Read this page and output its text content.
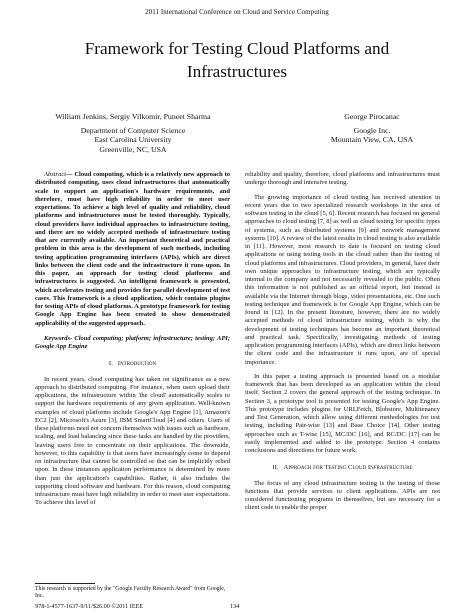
2011 International Conference on Cloud and Service Computing
Framework for Testing Cloud Platforms and
Infrastructures
William Jenkins, Sergiy Vilkomir, Puneet Sharma
Department of Computer Science
East Carolina University
Greenville, NC, USA
George Pirocanac
Google Inc.
Mountain View, CA, USA

Abstract— Cloud computing, which is a relatively new approach to distributed computing, uses cloud infrastructures that automatically scale to support an application's hardware requirements, and therefore, must have high reliability in order to meet user expectations. To achieve a high level of quality and reliability, cloud platforms and infrastructures must be tested thoroughly. Typically, cloud providers have individual approaches to infrastructure testing, and there are no widely accepted methods of infrastructure testing that are currently available. An important theoretical and practical problem in this area is the development of such methods, including testing application programming interfaces (APIs), which are direct links between the client code and the infrastructure it runs upon. In this paper, an approach for testing cloud platforms and infrastructures is suggested. An intelligent framework is presented, which accelerates testing and provides for parallel development of test cases. This framework is a cloud application, which contains plugins for testing APIs of cloud platforms. A prototype framework for testing Google App Engine has been created to show demonstrated applicability of the suggested approach.

Keywords- Cloud computing; platform; infrastructure; testing; API; Google App Engine

I. Introduction

In recent years, cloud computing has taken on significance as a new approach to distributed computing. For instance, when users upload their applications, the infrastructure within 'the cloud' automatically scales to support the hardware requirements of any given application. Well-known examples of cloud platforms include Google's App Engine [1], Amazon's EC2 [2], Microsoft's Azure [3], IBM SmartCloud [4] and others. Users of these platforms need not concern themselves with issues such as hardware, scaling, and load balancing since these tasks are handled by the providers, leaving users free to concentrate on their applications. The downside, however, to this capability is that users have increasingly come to depend on infrastructure that cannot be controlled or that can be implicitly relied upon. In these instances application performance is determined by more than just the application's capabilities. Rather, it also includes the supporting cloud software and hardware. For this reason, cloud computing infrastructure must have high reliability in order to meet user expectations. To achieve this level of

reliability and quality, therefore, cloud platforms and infrastructures must undergo thorough and intensive testing.

The growing importance of cloud testing has received attention in recent years due to two specialized research workshops in the area of software testing in the cloud [5, 6]. Recent research has focused on general approaches to cloud testing [7, 8] as well as cloud testing for specific types of systems, such as distributed systems [9] and network management systems [10]. A review of the latest results in cloud testing is also available in [11]. However, most research to date is focused on testing cloud applications or using testing tools in the cloud rather than the testing of cloud platforms and infrastructures. Cloud providers, in general, have their own unique approaches to infrastructure testing, which are typically internal to the company and not necessarily revealed to the public. Often this information is not published as an official report, but instead is available via the Internet through blogs, video presentations, etc. One such testing technique and framework is for Google App Engine, which can be found in [12]. In the present literature, however, there are no widely accepted methods of cloud infrastructure testing, which is why the development of testing techniques has become an important theoretical and practical task. Specifically, investigating methods of testing application programming interfaces (APIs), which are direct links between the client code and the infrastructure it runs upon, are of special importance.

In this paper a testing approach is presented based on a modular framework that has been developed as an application within the cloud itself. Section 2 covers the general approach of the testing technique. In Section 3, a prototype tool is presented for testing Google's App Engine. This prototype includes plugins for URLFetch, Blobstore, Multitenancy and Test Generation, which allow using different methodologies for test testing, including Pair-wise [13] and Base Choice [14]. Other testing approaches such as T-wise [15], MC/DC [16], and RC/DC [17] can be easily implemented and added to the prototype. Section 4 contains conclusions and directions for future work.

II. Approach for Testing Cloud Infrastructure

The focus of any cloud infrastructure testing is the testing of those functions that provide services to client applications. APIs are not considered functioning programs in themselves, but are necessary for a client code to enable the proper

This research is supported by the "Google Faculty Research Award" from Google, Inc.
978-1-4577-1637-9/11/$26.00 ©2011 IEEE	134
